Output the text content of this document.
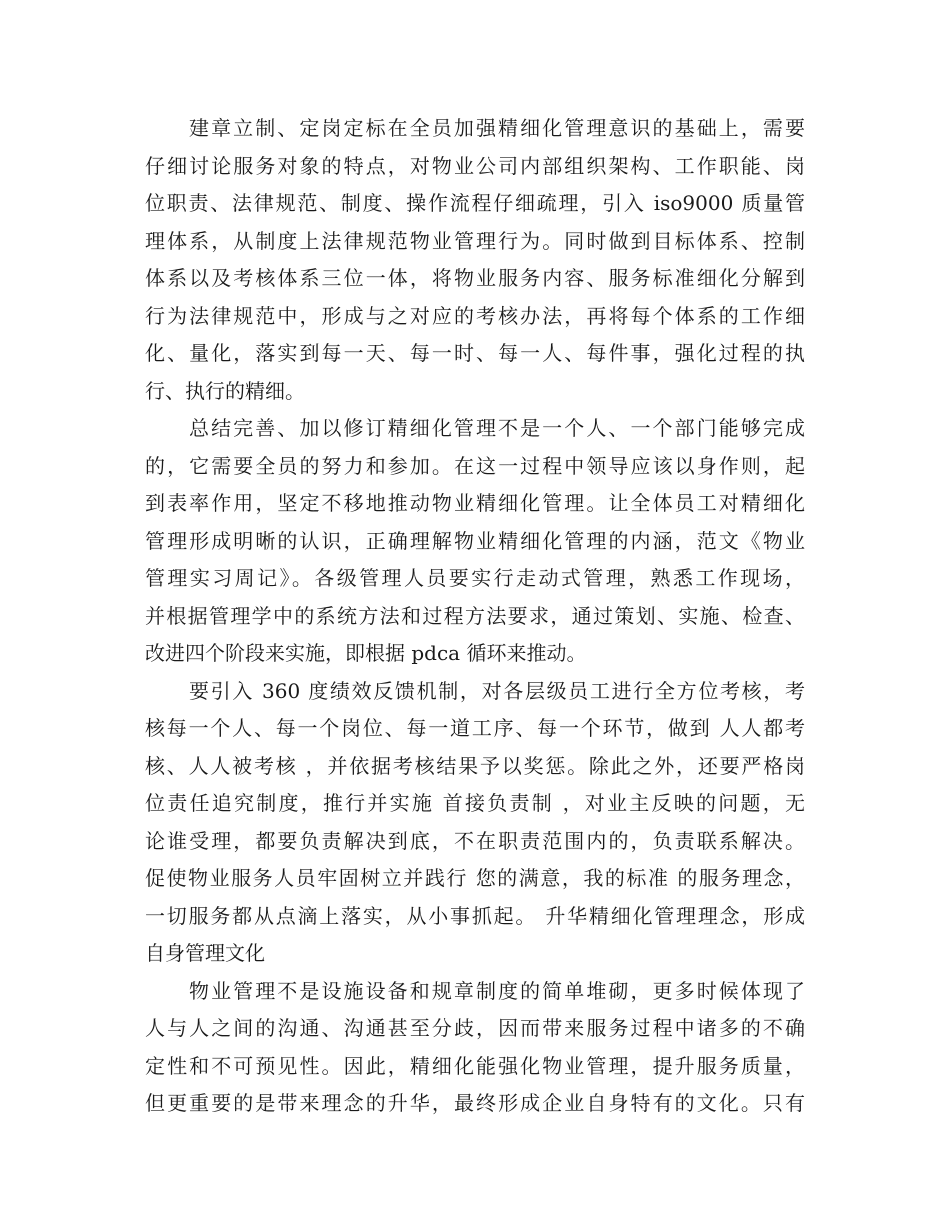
建章立制、定岗定标在全员加强精细化管理意识的基础上，需要
仔细讨论服务对象的特点，对物业公司内部组织架构、工作职能、岗
位职责、法律规范、制度、操作流程仔细疏理，引入 iso9000 质量管
理体系，从制度上法律规范物业管理行为。同时做到目标体系、控制
体系以及考核体系三位一体，将物业服务内容、服务标准细化分解到
行为法律规范中，形成与之对应的考核办法，再将每个体系的工作细
化、量化，落实到每一天、每一时、每一人、每件事，强化过程的执
行、执行的精细。
总结完善、加以修订精细化管理不是一个人、一个部门能够完成
的，它需要全员的努力和参加。在这一过程中领导应该以身作则，起
到表率作用，坚定不移地推动物业精细化管理。让全体员工对精细化
管理形成明晰的认识，正确理解物业精细化管理的内涵，范文《物业
管理实习周记》。各级管理人员要实行走动式管理，熟悉工作现场，
并根据管理学中的系统方法和过程方法要求，通过策划、实施、检查、
改进四个阶段来实施，即根据 pdca 循环来推动。
要引入 360 度绩效反馈机制，对各层级员工进行全方位考核，考
核每一个人、每一个岗位、每一道工序、每一个环节，做到 人人都考
核、人人被考核 ，并依据考核结果予以奖惩。除此之外，还要严格岗
位责任追究制度，推行并实施 首接负责制 ，对业主反映的问题，无
论谁受理，都要负责解决到底，不在职责范围内的，负责联系解决。
促使物业服务人员牢固树立并践行 您的满意，我的标准 的服务理念，
一切服务都从点滴上落实，从小事抓起。 升华精细化管理理念，形成
自身管理文化
物业管理不是设施设备和规章制度的简单堆砌，更多时候体现了
人与人之间的沟通、沟通甚至分歧，因而带来服务过程中诸多的不确
定性和不可预见性。因此，精细化能强化物业管理，提升服务质量，
但更重要的是带来理念的升华，最终形成企业自身特有的文化。只有
